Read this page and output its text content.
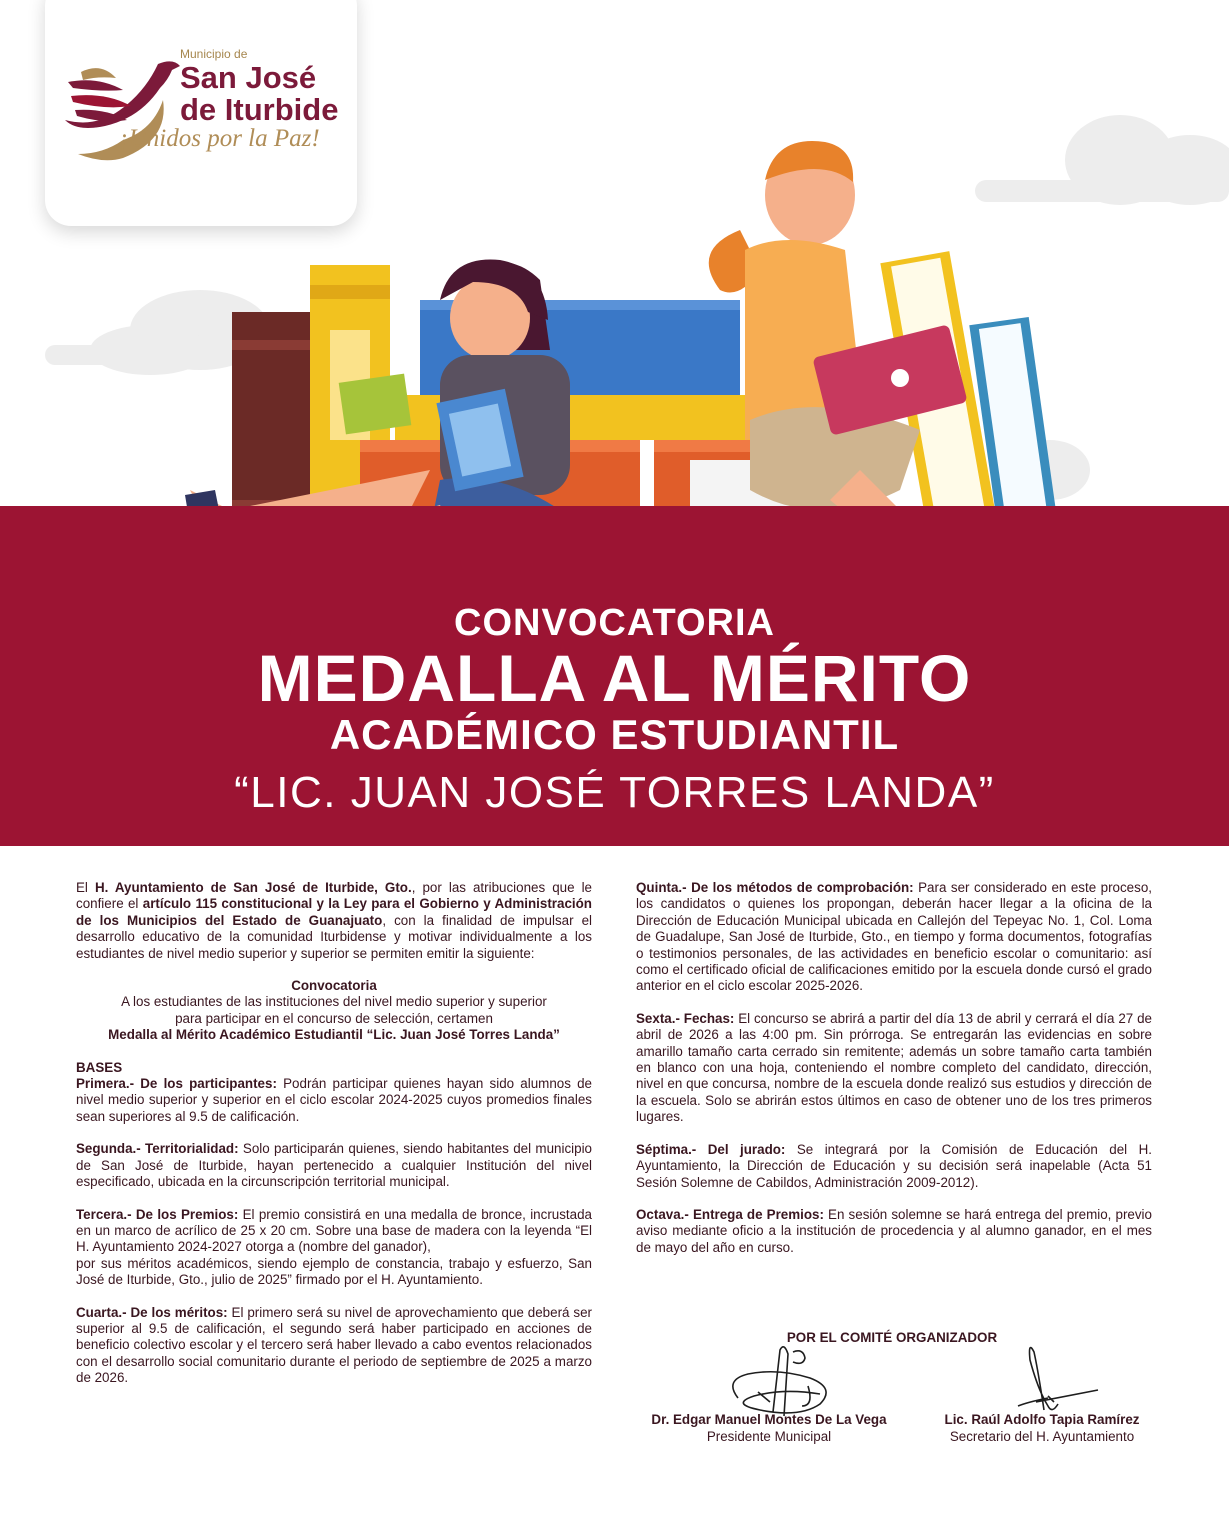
Municipio de
San José
de Iturbide
¡Unidos por la Paz!
CONVOCATORIA
MEDALLA AL MÉRITO
ACADÉMICO ESTUDIANTIL
“LIC. JUAN JOSÉ TORRES LANDA”

El H. Ayuntamiento de San José de Iturbide, Gto., por las atribuciones que le confiere el artículo 115 constitucional y la Ley para el Gobierno y Administración de los Municipios del Estado de Guanajuato, con la finalidad de impulsar el desarrollo educativo de la comunidad Iturbidense y motivar individualmente a los estudiantes de nivel medio superior y superior se permiten emitir la siguiente:

Convocatoria
A los estudiantes de las instituciones del nivel medio superior y superior
para participar en el concurso de selección, certamen
Medalla al Mérito Académico Estudiantil “Lic. Juan José Torres Landa”
BASES

Primera.- De los participantes: Podrán participar quienes hayan sido alumnos de nivel medio superior y superior en el ciclo escolar 2024-2025 cuyos promedios finales sean superiores al 9.5 de calificación.

Segunda.- Territorialidad: Solo participarán quienes, siendo habitantes del municipio de San José de Iturbide, hayan pertenecido a cualquier Institución del nivel especificado, ubicada en la circunscripción territorial municipal.

Tercera.- De los Premios: El premio consistirá en una medalla de bronce, incrustada en un marco de acrílico de 25 x 20 cm. Sobre una base de madera con la leyenda “El H. Ayuntamiento 2024-2027 otorga a (nombre del ganador),
por sus méritos académicos, siendo ejemplo de constancia, trabajo y esfuerzo, San José de Iturbide, Gto., julio de 2025” firmado por el H. Ayuntamiento.

Cuarta.- De los méritos: El primero será su nivel de aprovechamiento que deberá ser superior al 9.5 de calificación, el segundo será haber participado en acciones de beneficio colectivo escolar y el tercero será haber llevado a cabo eventos relacionados con el desarrollo social comunitario durante el periodo de septiembre de 2025 a marzo de 2026.

Quinta.- De los métodos de comprobación: Para ser considerado en este proceso, los candidatos o quienes los propongan, deberán hacer llegar a la oficina de la Dirección de Educación Municipal ubicada en Callejón del Tepeyac No. 1, Col. Loma de Guadalupe, San José de Iturbide, Gto., en tiempo y forma documentos, fotografías o testimonios personales, de las actividades en beneficio escolar o comunitario: así como el certificado oficial de calificaciones emitido por la escuela donde cursó el grado anterior en el ciclo escolar 2025-2026.

Sexta.- Fechas: El concurso se abrirá a partir del día 13 de abril y cerrará el día 27 de abril de 2026 a las 4:00 pm. Sin prórroga. Se entregarán las evidencias en sobre amarillo tamaño carta cerrado sin remitente; además un sobre tamaño carta también en blanco con una hoja, conteniendo el nombre completo del candidato, dirección, nivel en que concursa, nombre de la escuela donde realizó sus estudios y dirección de la escuela. Solo se abrirán estos últimos en caso de obtener uno de los tres primeros lugares.

Séptima.- Del jurado: Se integrará por la Comisión de Educación del H. Ayuntamiento, la Dirección de Educación y su decisión será inapelable (Acta 51 Sesión Solemne de Cabildos, Administración 2009-2012).

Octava.- Entrega de Premios: En sesión solemne se hará entrega del premio, previo aviso mediante oficio a la institución de procedencia y al alumno ganador, en el mes de mayo del año en curso.

POR EL COMITÉ ORGANIZADOR
Dr. Edgar Manuel Montes De La Vega
Presidente Municipal
Lic. Raúl Adolfo Tapia Ramírez
Secretario del H. Ayuntamiento
